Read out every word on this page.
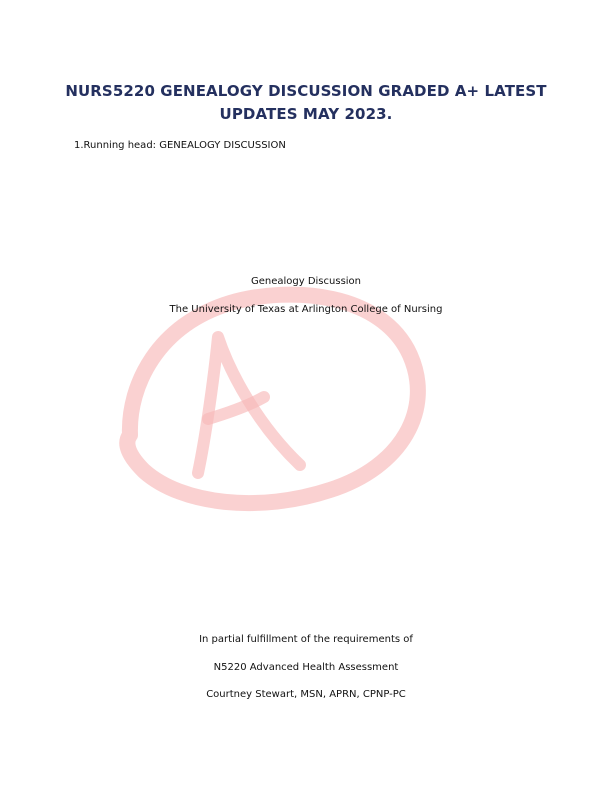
NURS5220 GENEALOGY DISCUSSION GRADED A+ LATEST UPDATES MAY 2023.
1.Running head: GENEALOGY DISCUSSION
Genealogy Discussion
The University of Texas at Arlington College of Nursing
In partial fulfillment of the requirements of
N5220 Advanced Health Assessment
Courtney Stewart, MSN, APRN, CPNP-PC
